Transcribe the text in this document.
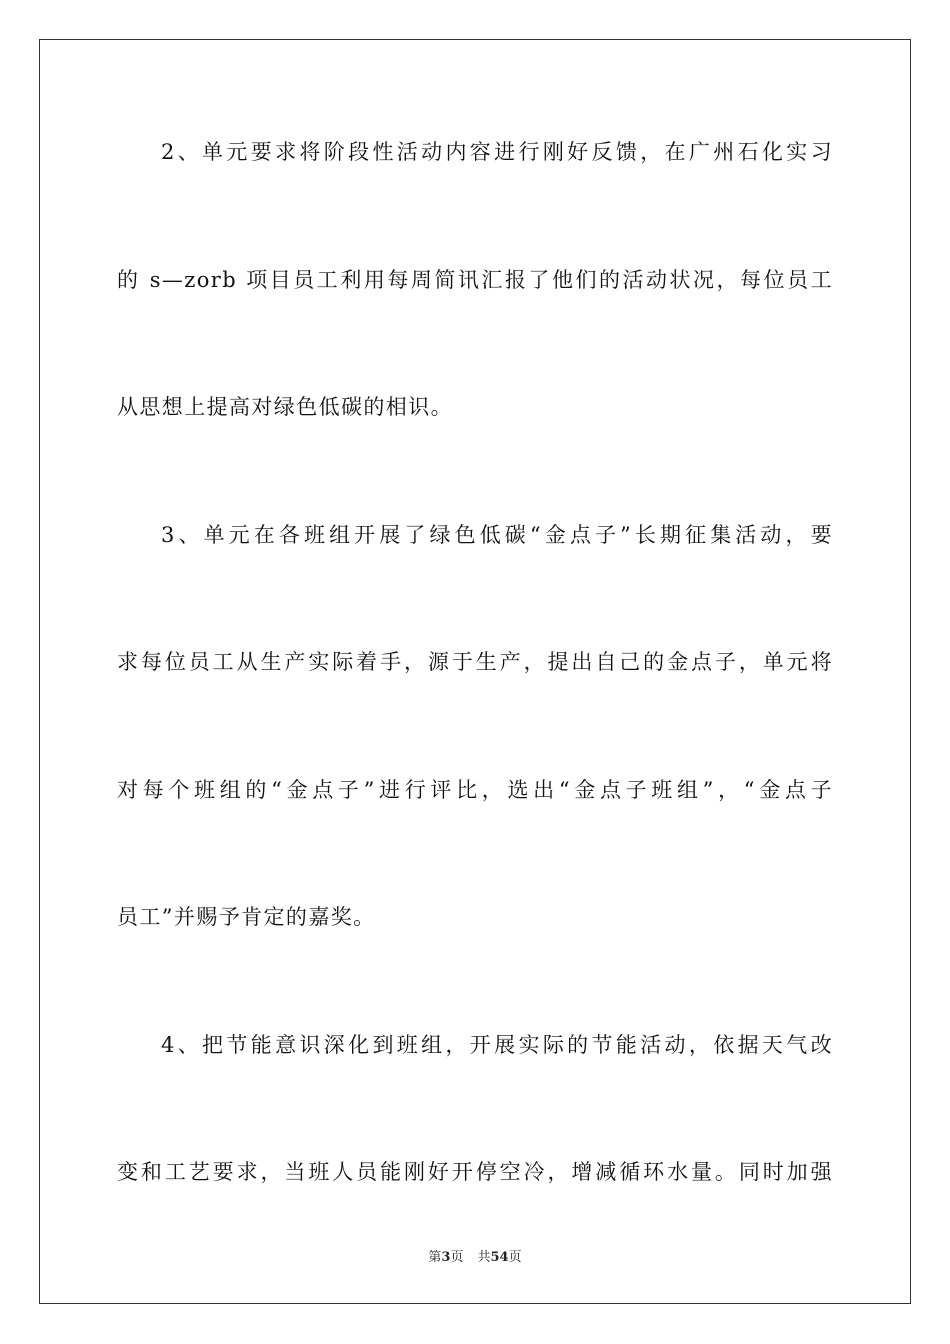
2、单元要求将阶段性活动内容进行刚好反馈，在广州石化实习
的 s—zorb 项目员工利用每周简讯汇报了他们的活动状况，每位员工
从思想上提高对绿色低碳的相识。
3、单元在各班组开展了绿色低碳“金点子”长期征集活动，要
求每位员工从生产实际着手，源于生产，提出自己的金点子，单元将
对每个班组的“金点子”进行评比，选出“金点子班组”，“金点子
员工”并赐予肯定的嘉奖。
4、把节能意识深化到班组，开展实际的节能活动，依据天气改
变和工艺要求，当班人员能刚好开停空冷，增减循环水量。同时加强
第3页 共54页
